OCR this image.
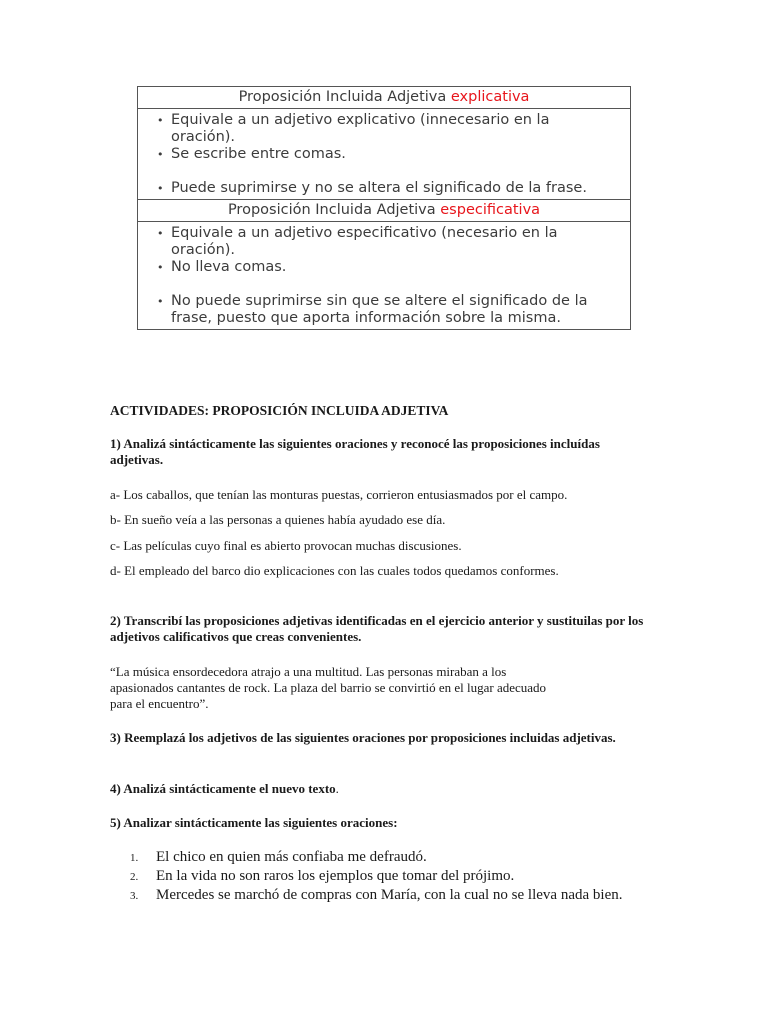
Proposición Incluida Adjetiva explicativa
• Equivale a un adjetivo explicativo (innecesario en la oración).
• Se escribe entre comas.
• Puede suprimirse y no se altera el significado de la frase.
Proposición Incluida Adjetiva especificativa
• Equivale a un adjetivo especificativo (necesario en la oración).
• No lleva comas.
• No puede suprimirse sin que se altere el significado de la frase, puesto que aporta información sobre la misma.
ACTIVIDADES: PROPOSICIÓN INCLUIDA ADJETIVA
1) Analizá sintácticamente las siguientes oraciones y reconocé las proposiciones incluídas adjetivas.
a- Los caballos, que tenían las monturas puestas, corrieron entusiasmados por el campo.
b- En sueño veía a las personas a quienes había ayudado ese día.
c- Las películas cuyo final es abierto provocan muchas discusiones.
d- El empleado del barco dio explicaciones con las cuales todos quedamos conformes.
2) Transcribí las proposiciones adjetivas identificadas en el ejercicio anterior y sustituilas por los adjetivos calificativos que creas convenientes.
“La música ensordecedora atrajo a una multitud. Las personas miraban a los apasionados cantantes de rock. La plaza del barrio se convirtió en el lugar adecuado para el encuentro”.
3) Reemplazá los adjetivos de las siguientes oraciones por proposiciones incluidas adjetivas.
4) Analizá sintácticamente el nuevo texto.
5) Analizar sintácticamente las siguientes oraciones:
1. El chico en quien más confiaba me defraudó.
2. En la vida no son raros los ejemplos que tomar del prójimo.
3. Mercedes se marchó de compras con María, con la cual no se lleva nada bien.
